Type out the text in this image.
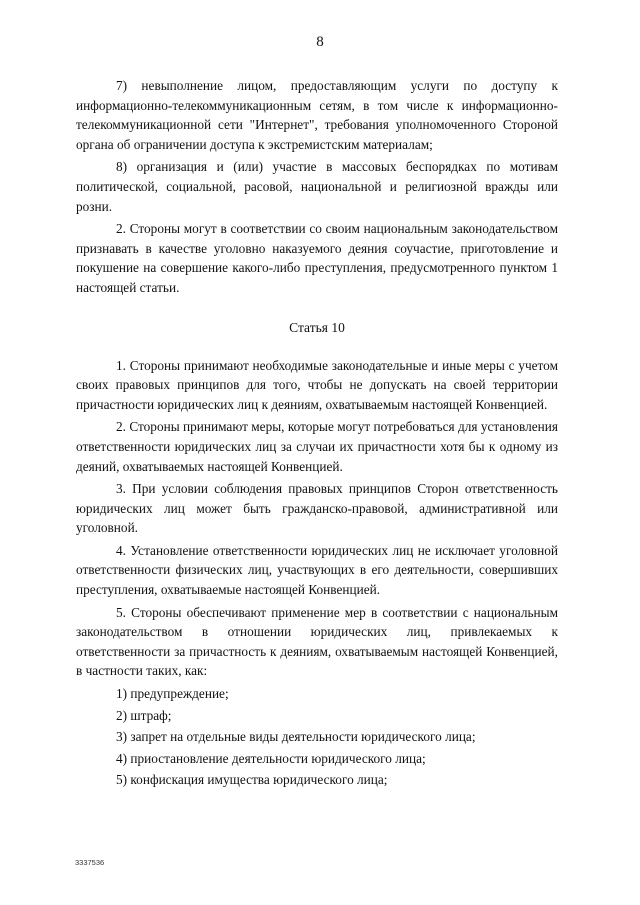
8

7) невыполнение лицом, предоставляющим услуги по доступу к информационно-телекоммуникационным сетям, в том числе к информационно-телекоммуникационной сети "Интернет", требования уполномоченного Стороной органа об ограничении доступа к экстремистским материалам;

8) организация и (или) участие в массовых беспорядках по мотивам политической, социальной, расовой, национальной и религиозной вражды или розни.

2. Стороны могут в соответствии со своим национальным законодательством признавать в качестве уголовно наказуемого деяния соучастие, приготовление и покушение на совершение какого-либо преступления, предусмотренного пунктом 1 настоящей статьи.

Статья 10

1. Стороны принимают необходимые законодательные и иные меры с учетом своих правовых принципов для того, чтобы не допускать на своей территории причастности юридических лиц к деяниям, охватываемым настоящей Конвенцией.

2. Стороны принимают меры, которые могут потребоваться для установления ответственности юридических лиц за случаи их причастности хотя бы к одному из деяний, охватываемых настоящей Конвенцией.

3. При условии соблюдения правовых принципов Сторон ответственность юридических лиц может быть гражданско-правовой, административной или уголовной.

4. Установление ответственности юридических лиц не исключает уголовной ответственности физических лиц, участвующих в его деятельности, совершивших преступления, охватываемые настоящей Конвенцией.

5. Стороны обеспечивают применение мер в соответствии с национальным законодательством в отношении юридических лиц, привлекаемых к ответственности за причастность к деяниям, охватываемым настоящей Конвенцией, в частности таких, как:

1) предупреждение;
2) штраф;
3) запрет на отдельные виды деятельности юридического лица;
4) приостановление деятельности юридического лица;
5) конфискация имущества юридического лица;
3337536
